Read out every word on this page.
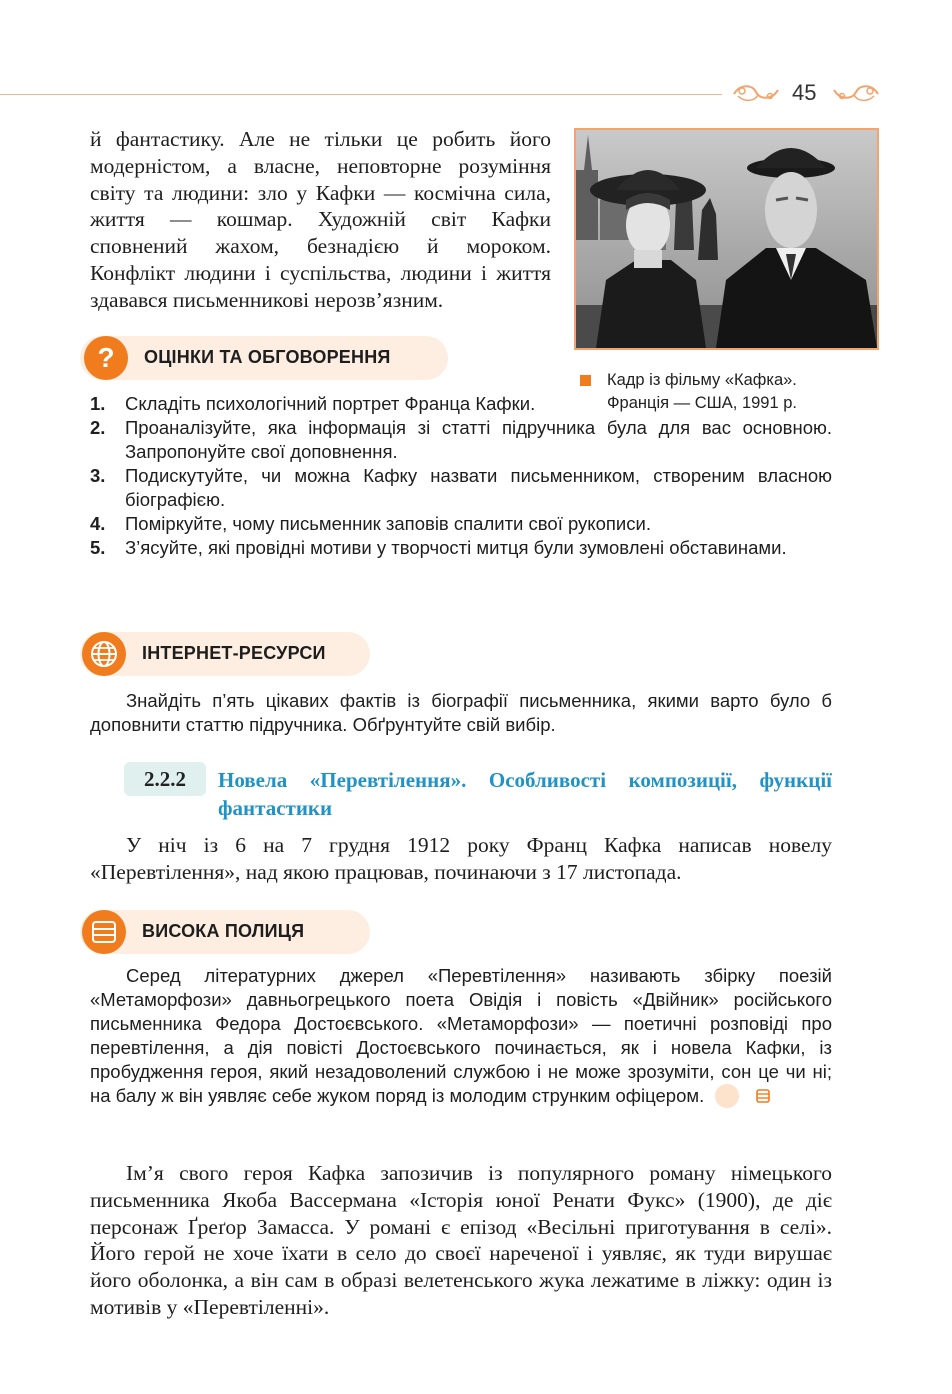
45
й фантастику. Але не тільки це робить його модерністом, а власне, неповторне розуміння світу та людини: зло у Кафки — космічна сила, життя — кошмар. Художній світ Кафки сповнений жахом, безнадією й мороком. Конфлікт людини і суспільства, людини і життя здавався письменникові нерозв’язним.
Кадр із фільму «Кафка».
Франція — США, 1991 р.
? ОЦІНКИ ТА ОБГОВОРЕННЯ
1. Складіть психологічний портрет Франца Кафки.
2. Проаналізуйте, яка інформація зі статті підручника була для вас основною. Запропонуйте свої доповнення.
3. Подискутуйте, чи можна Кафку назвати письменником, створеним власною біографією.
4. Поміркуйте, чому письменник заповів спалити свої рукописи.
5. З’ясуйте, які провідні мотиви у творчості митця були зумовлені обставинами.
ІНТЕРНЕТ-РЕСУРСИ
Знайдіть п’ять цікавих фактів із біографії письменника, якими варто було б доповнити статтю підручника. Обґрунтуйте свій вибір.
2.2.2	Новела «Перевтілення». Особливості композиції, функції фантастики
У ніч із 6 на 7 грудня 1912 року Франц Кафка написав новелу «Перевтілення», над якою працював, починаючи з 17 листопада.
ВИСОКА ПОЛИЦЯ
Серед літературних джерел «Перевтілення» називають збірку поезій «Метаморфози» давньогрецького поета Овідія і повість «Двійник» російського письменника Федора Достоєвського. «Метаморфози» — поетичні розповіді про перевтілення, а дія повісті Достоєвського починається, як і новела Кафки, із пробудження героя, який незадоволений службою і не може зрозуміти, сон це чи ні; на балу ж він уявляє себе жуком поряд із молодим струнким офіцером.
Ім’я свого героя Кафка запозичив із популярного роману німецького письменника Якоба Вассермана «Історія юної Ренати Фукс» (1900), де діє персонаж Ґреґор Замасса. У романі є епізод «Весільні приготування в селі». Його герой не хоче їхати в село до своєї нареченої і уявляє, як туди вирушає його оболонка, а він сам в образі велетенського жука лежатиме в ліжку: один із мотивів у «Перевтіленні».
